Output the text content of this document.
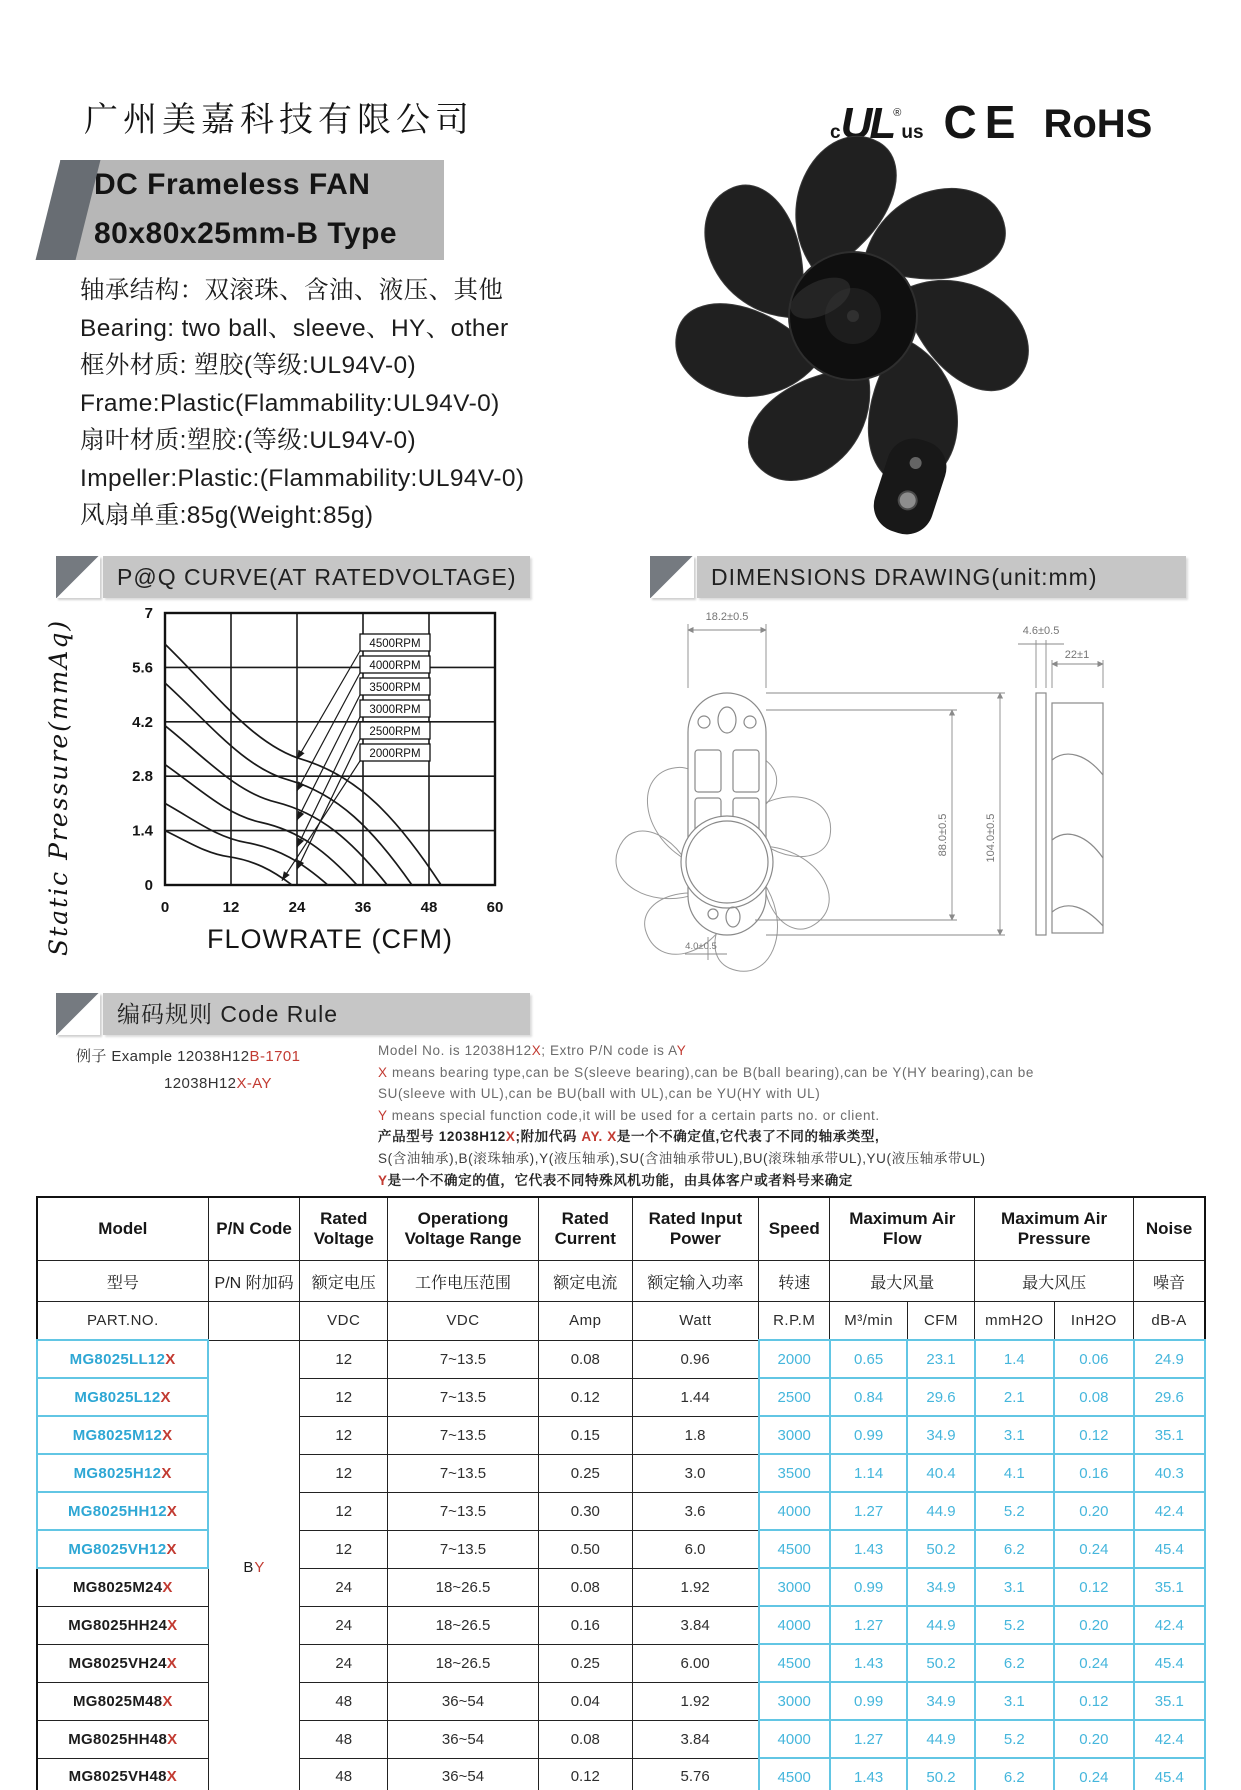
广州美嘉科技有限公司	c UL ®
us CE RoHS
DC Frameless FAN
80x80x25mm-B Type
轴承结构：双滚珠、含油、液压、其他
Bearing: two ball、sleeve、HY、other
框外材质: 塑胶(等级:UL94V-0)
Frame:Plastic(Flammability:UL94V-0)
扇叶材质:塑胶:(等级:UL94V-0)
Impeller:Plastic:(Flammability:UL94V-0)
风扇单重:85g(Weight:85g)
P@Q CURVE(AT RATEDVOLTAGE)	DIMENSIONS DRAWING(unit:mm)
编码规则 Code Rule
Static Pressure(mmAq)	0	12	24	36	48	60
7
5.6
4.2
2.8
1.4
0
4500RPM
4000RPM
3500RPM
3000RPM
2500RPM
2000RPM
FLOWRATE (CFM)
18.2±0.5
4.6±0.5
22±1
88.0±0.5	104.0±0.5
4.0±0.5

例子 Example 12038H12B-1701

12038H12X-AY

Model No. is 12038H12X; Extro P/N code is AY

X means bearing type,can be S(sleeve bearing),can be B(ball bearing),can be Y(HY bearing),can be

SU(sleeve with UL),can be BU(ball with UL),can be YU(HY with UL)

Y means special function code,it will be used for a certain parts no. or client.

产品型号 12038H12X;附加代码 AY. X是一个不确定值,它代表了不同的轴承类型,

S(含油轴承),B(滚珠轴承),Y(液压轴承),SU(含油轴承带UL),BU(滚珠轴承带UL),YU(液压轴承带UL)

Y是一个不确定的值，它代表不同特殊风机功能，由具体客户或者料号来确定

Model	P/N Code	Rated Voltage	Operationg Voltage Range	Rated Current	Rated Input Power	Speed	Maximum Air Flow		Maximum Air Pressure		Noise
型号	P/N 附加码	额定电压	工作电压范围	额定电流	额定输入功率	转速	最大风量		最大风压		噪音
PART.NO.		VDC	VDC	Amp	Watt	R.P.M	M³/min	CFM	mmH2O	InH2O	dB-A
MG8025LL12X	BY	12	7~13.5	0.08	0.96	2000	0.65	23.1	1.4	0.06	24.9
MG8025L12X		12	7~13.5	0.12	1.44	2500	0.84	29.6	2.1	0.08	29.6
MG8025M12X		12	7~13.5	0.15	1.8	3000	0.99	34.9	3.1	0.12	35.1
MG8025H12X		12	7~13.5	0.25	3.0	3500	1.14	40.4	4.1	0.16	40.3
MG8025HH12X		12	7~13.5	0.30	3.6	4000	1.27	44.9	5.2	0.20	42.4
MG8025VH12X		12	7~13.5	0.50	6.0	4500	1.43	50.2	6.2	0.24	45.4
MG8025M24X		24	18~26.5	0.08	1.92	3000	0.99	34.9	3.1	0.12	35.1
MG8025HH24X		24	18~26.5	0.16	3.84	4000	1.27	44.9	5.2	0.20	42.4
MG8025VH24X		24	18~26.5	0.25	6.00	4500	1.43	50.2	6.2	0.24	45.4
MG8025M48X		48	36~54	0.04	1.92	3000	0.99	34.9	3.1	0.12	35.1
MG8025HH48X		48	36~54	0.08	3.84	4000	1.27	44.9	5.2	0.20	42.4
MG8025VH48X		48	36~54	0.12	5.76	4500	1.43	50.2	6.2	0.24	45.4
